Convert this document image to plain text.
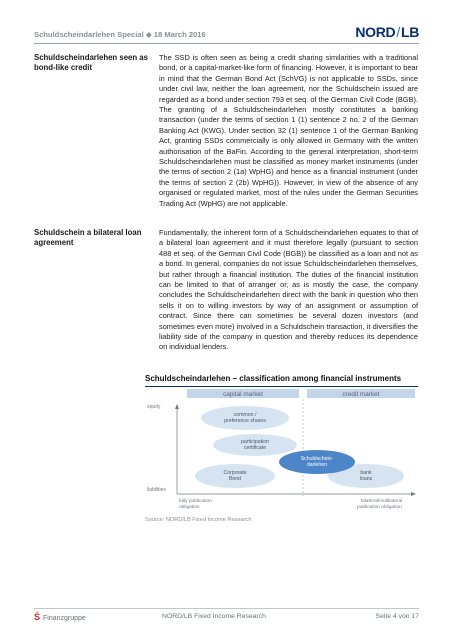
Schuldscheindarlehen Special ◆ 18 March 2016	NORD/LB
Schuldscheindarlehen seen as bond-like credit
The SSD is often seen as being a credit sharing similarities with a traditional bond, or a capital-market-like form of financing. However, it is important to bear in mind that the German Bond Act (SchVG) is not applicable to SSDs, since under civil law, neither the loan agreement, nor the Schuldschein issued are regarded as a bond under section 793 et seq. of the German Civil Code (BGB). The granting of a Schuldscheindarlehen mostly constitutes a banking transaction (under the terms of section 1 (1) sentence 2 no. 2 of the German Banking Act (KWG). Under section 32 (1) sentence 1 of the German Banking Act, granting SSDs commercially is only allowed in Germany with the written authorisation of the BaFin. According to the general interpretation, short-term Schuldscheindarlehen must be classified as money market instruments (under the terms of section 2 (1a) WpHG) and hence as a financial instrument (under the terms of section 2 (2b) WpHG)). However, in view of the absence of any organised or regulated market, most of the rules under the German Securities Trading Act (WpHG) are not applicable.
Schuldschein a bilateral loan agreement
Fundamentally, the inherent form of a Schuldscheindarlehen equates to that of a bilateral loan agreement and it must therefore legally (pursuant to section 488 et seq. of the German Civil Code (BGB)) be classified as a loan and not as a bond. In general, companies do not issue Schuldscheindarlehen themselves, but rather through a financial institution. The duties of the financial institution can be limited to that of arranger or, as is mostly the case, the company concludes the Schuldscheindarlehen direct with the bank in question who then sells it on to willing investors by way of an assignment or assumption of contract. Since there can sometimes be several dozen investors (and sometimes even more) involved in a Schuldschein transaction, it diversifies the liability side of the company in question and thereby reduces its dependence on individual lenders.
Schuldscheindarlehen – classification among financial instruments
capital market	credit market
equity
liabilities
fully publication
obligation
bilateral/multilateral
publication obligation
common /
preference shares
participation
certificate
Corporate
Bond
bank
loans
Schuldschein-
darlehen
Source: NORD/LB Fixed Income Research
Ś Finanzgruppe	NORD/LB Fixed Income Research	Seite 4 von 17
